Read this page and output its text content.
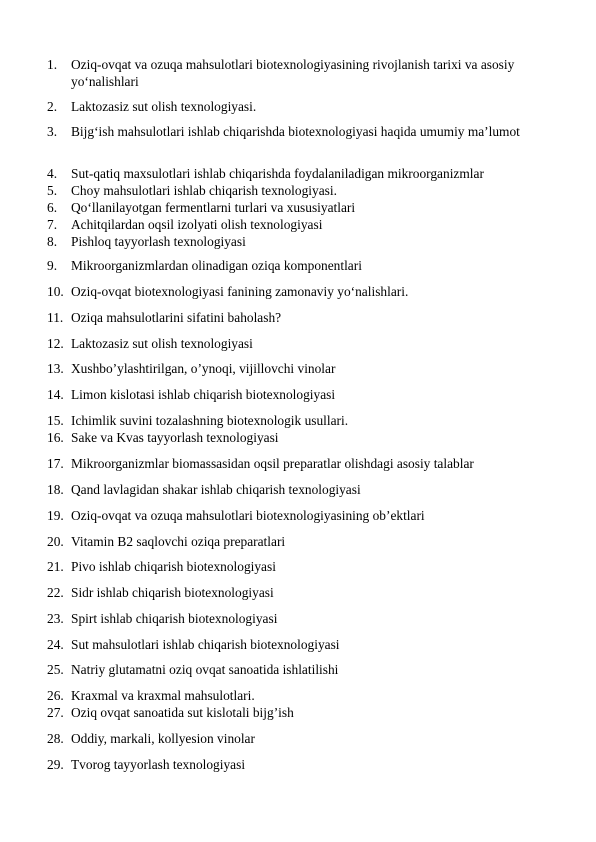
1.	Oziq-ovqat va ozuqa mahsulotlari biotexnologiyasining rivojlanish tarixi va asosiy yo‘nalishlari
2.	Laktozasiz sut olish texnologiyasi.
3.	Bijg‘ish mahsulotlari ishlab chiqarishda biotexnologiyasi haqida umumiy ma’lumot
4.	Sut-qatiq maxsulotlari ishlab chiqarishda foydalaniladigan mikroorganizmlar
5.	Choy mahsulotlari ishlab chiqarish texnologiyasi.
6.	Qo‘llanilayotgan fermentlarni turlari va xususiyatlari
7.	Achitqilardan oqsil izolyati olish texnologiyasi
8.	Pishloq tayyorlash texnologiyasi
9.	Mikroorganizmlardan olinadigan oziqa komponentlari
10. Oziq-ovqat biotexnologiyasi fanining zamonaviy yo‘nalishlari.
11. Oziqa mahsulotlarini sifatini baholash?
12. Laktozasiz sut olish texnologiyasi
13. Xushbo’ylashtirilgan, o’ynoqi, vijillovchi vinolar
14. Limon kislotasi ishlab chiqarish biotexnologiyasi
15. Ichimlik suvini tozalashning biotexnologik usullari.
16. Sake va Kvas tayyorlash texnologiyasi
17. Mikroorganizmlar biomassasidan oqsil preparatlar olishdagi asosiy talablar
18. Qand lavlagidan shakar ishlab chiqarish texnologiyasi
19. Oziq-ovqat va ozuqa mahsulotlari biotexnologiyasining ob’ektlari
20. Vitamin B2 saqlovchi oziqa preparatlari
21. Pivo ishlab chiqarish biotexnologiyasi
22. Sidr ishlab chiqarish biotexnologiyasi
23. Spirt ishlab chiqarish biotexnologiyasi
24. Sut mahsulotlari ishlab chiqarish biotexnologiyasi
25. Natriy glutamatni oziq ovqat sanoatida ishlatilishi
26. Kraxmal va kraxmal mahsulotlari.
27. Oziq ovqat sanoatida sut kislotali bijg’ish
28. Oddiy, markali, kollyesion vinolar
29. Tvorog tayyorlash texnologiyasi
